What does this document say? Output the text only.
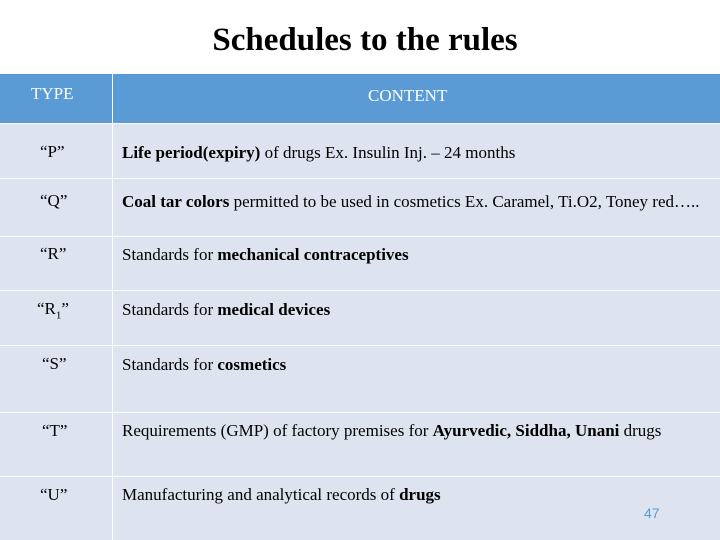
Schedules to the rules
TYPE	CONTENT
“P”	Life period(expiry) of drugs Ex. Insulin Inj. – 24 months
“Q”	Coal tar colors permitted to be used in cosmetics Ex. Caramel, Ti.O2, Toney red…..
“R”	Standards for mechanical contraceptives
“$R_1$”	Standards for medical devices
“S”	Standards for cosmetics
“T”	Requirements (GMP) of factory premises for Ayurvedic, Siddha, Unani drugs
“U”	Manufacturing and analytical records of drugs
47
